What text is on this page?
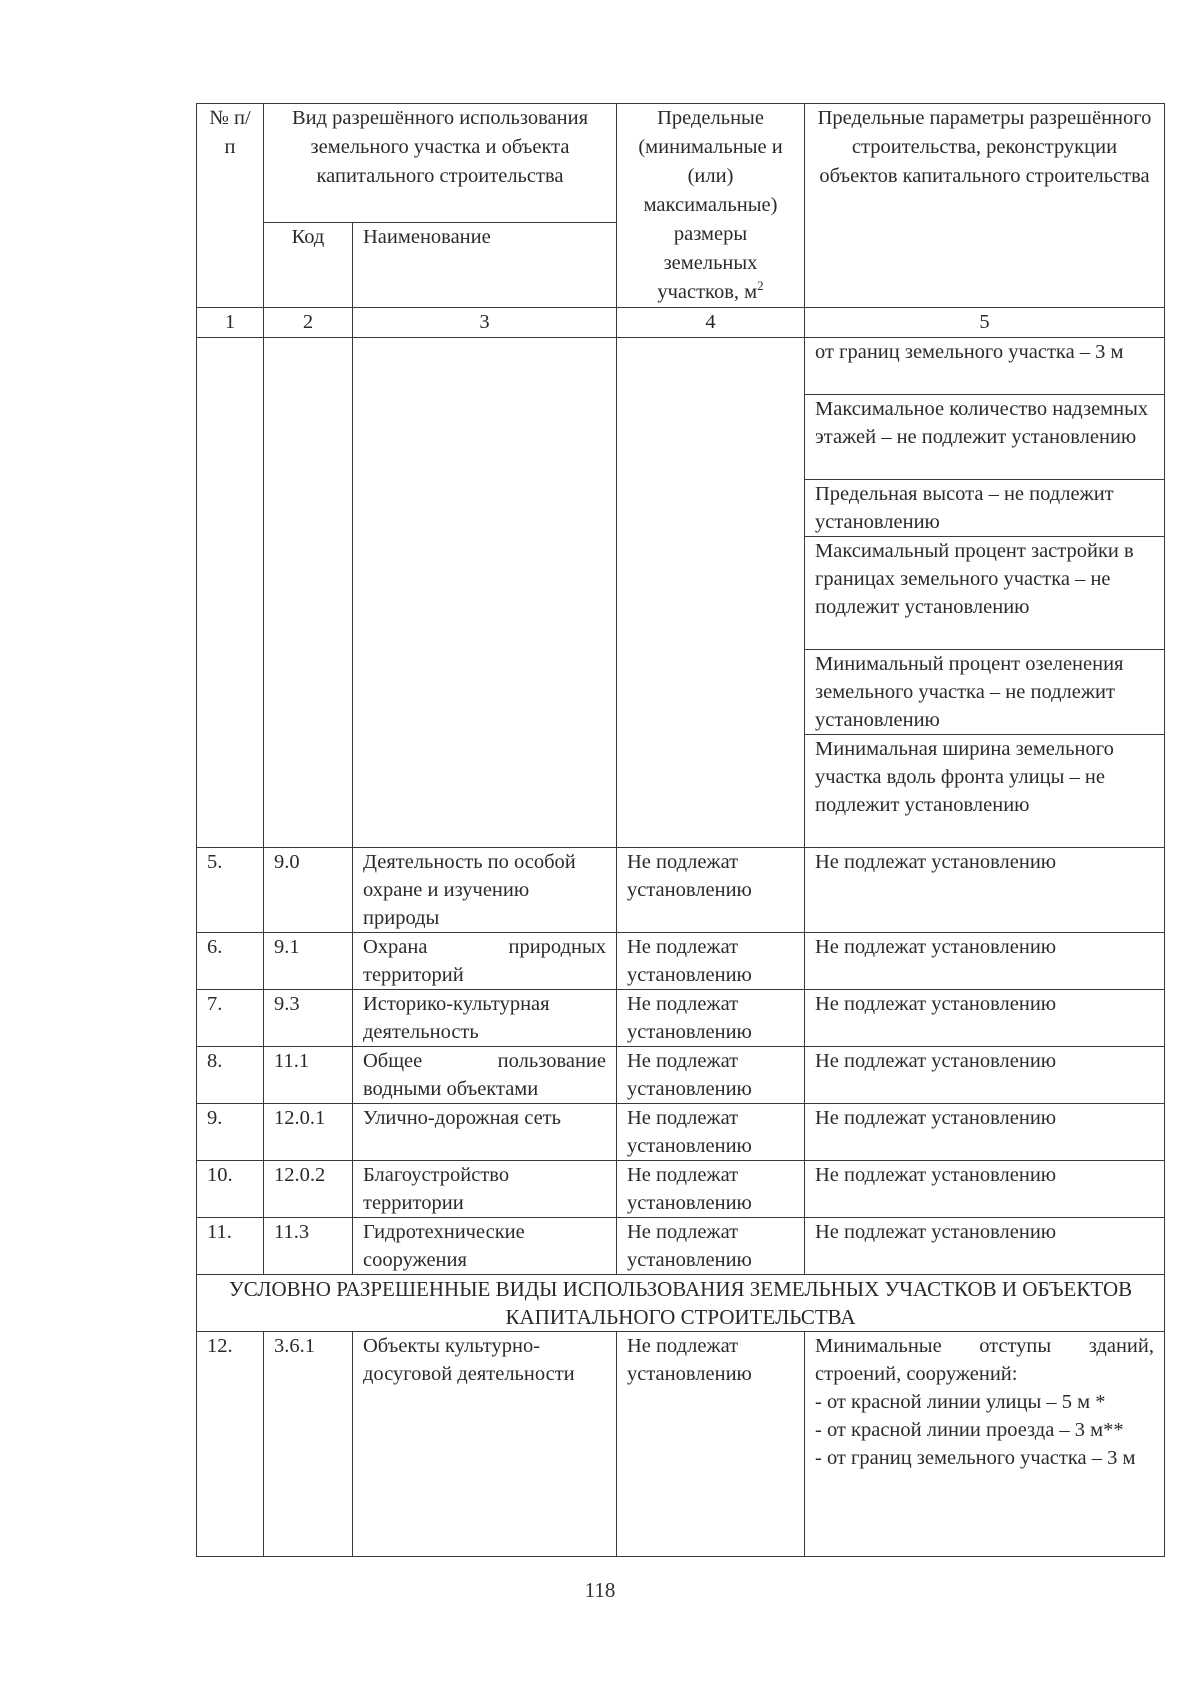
№ п/п	Вид разрешённого использования земельного участка и объекта капитального строительства		Предельные (минимальные и (или) максимальные) размеры земельных участков, $м^2$	Предельные параметры разрешённого строительства, реконструкции объектов капитального строительства
	Код	Наименование		
1	2	3	4	5
				от границ земельного участка – 3 м
				Максимальное количество надземных этажей – не подлежит установлению
				Предельная высота – не подлежит установлению
				Максимальный процент застройки в границах земельного участка – не подлежит установлению
				Минимальный процент озеленения земельного участка – не подлежит установлению
				Минимальная ширина земельного участка вдоль фронта улицы – не подлежит установлению
5.	9.0	Деятельность по особой охране и изучению природы	Не подлежат установлению	Не подлежат установлению
6.	9.1	Охрана природных территорий	Не подлежат установлению	Не подлежат установлению
7.	9.3	Историко-культурная деятельность	Не подлежат установлению	Не подлежат установлению
8.	11.1	Общее пользование водными объектами	Не подлежат установлению	Не подлежат установлению
9.	12.0.1	Улично-дорожная сеть	Не подлежат установлению	Не подлежат установлению
10.	12.0.2	Благоустройство территории	Не подлежат установлению	Не подлежат установлению
11.	11.3	Гидротехнические сооружения	Не подлежат установлению	Не подлежат установлению
УСЛОВНО РАЗРЕШЕННЫЕ ВИДЫ ИСПОЛЬЗОВАНИЯ ЗЕМЕЛЬНЫХ УЧАСТКОВ И ОБЪЕКТОВ КАПИТАЛЬНОГО СТРОИТЕЛЬСТВА				
12.	3.6.1	Объекты культурно-досуговой деятельности	Не подлежат установлению	Минимальные отступы зданий, строений, сооружений:
- от красной линии улицы – 5 м *
- от красной линии проезда – 3 м**
- от границ земельного участка – 3 м
118
